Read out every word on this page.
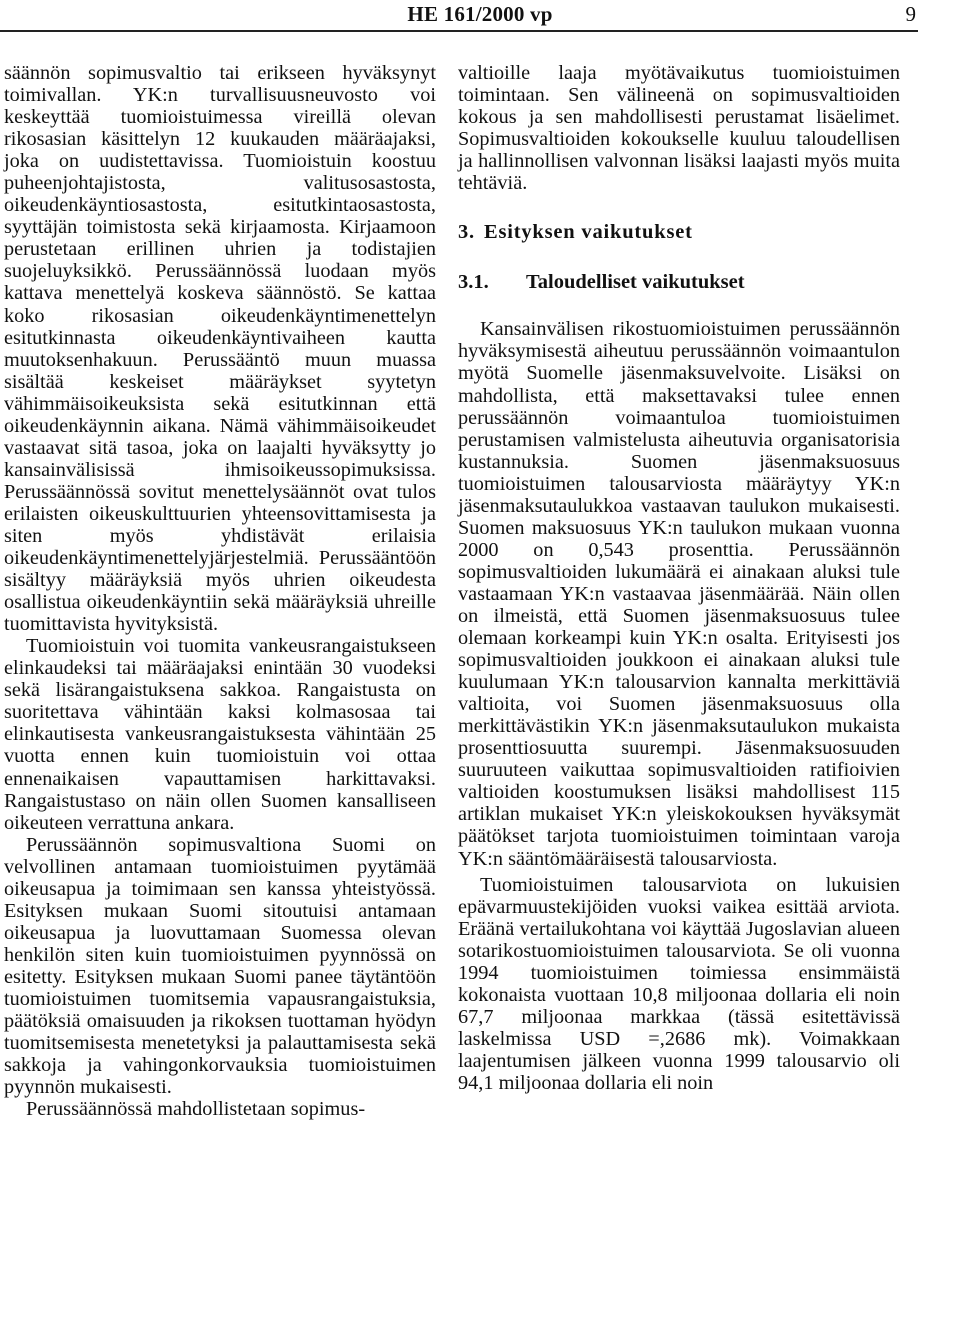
HE 161/2000 vp	9

säännön sopimusvaltio tai erikseen hyväksynyt toimivallan. YK:n turvallisuusneuvosto voi keskeyttää tuomioistuimessa vireillä olevan rikosasian käsittelyn 12 kuukauden määräajaksi, joka on uudistettavissa. Tuomioistuin koostuu puheenjohtajistosta, valitusosastosta, oikeudenkäyntiosastosta, esitutkintaosastosta, syyttäjän toimistosta sekä kirjaamosta. Kirjaamoon perustetaan erillinen uhrien ja todistajien suojeluyksikkö. Perussäännössä luodaan myös kattava menettelyä koskeva säännöstö. Se kattaa koko rikosasian oikeudenkäyntimenettelyn esitutkinnasta oikeudenkäyntivaiheen kautta muutoksenhakuun. Perussääntö muun muassa sisältää keskeiset määräykset syytetyn vähimmäisoikeuksista sekä esitutkinnan että oikeudenkäynnin aikana. Nämä vähimmäisoikeudet vastaavat sitä tasoa, joka on laajalti hyväksytty jo kansainvälisissä ihmisoikeussopimuksissa. Perussäännössä sovitut menettelysäännöt ovat tulos erilaisten oikeuskulttuurien yhteensovittamisesta ja siten myös yhdistävät erilaisia oikeudenkäyntimenettelyjärjestelmiä. Perussääntöön sisältyy määräyksiä myös uhrien oikeudesta osallistua oikeudenkäyntiin sekä määräyksiä uhreille tuomittavista hyvityksistä.

Tuomioistuin voi tuomita vankeusrangaistukseen elinkaudeksi tai määräajaksi enintään 30 vuodeksi sekä lisärangaistuksena sakkoa. Rangaistusta on suoritettava vähintään kaksi kolmasosaa tai elinkautisesta vankeusrangaistuksesta vähintään 25 vuotta ennen kuin tuomioistuin voi ottaa ennenaikaisen vapauttamisen harkittavaksi. Rangaistustaso on näin ollen Suomen kansalliseen oikeuteen verrattuna ankara.

Perussäännön sopimusvaltiona Suomi on velvollinen antamaan tuomioistuimen pyytämää oikeusapua ja toimimaan sen kanssa yhteistyössä. Esityksen mukaan Suomi sitoutuisi antamaan oikeusapua ja luovuttamaan Suomessa olevan henkilön siten kuin tuomioistuimen pyynnössä on esitetty. Esityksen mukaan Suomi panee täytäntöön tuomioistuimen tuomitsemia vapausrangaistuksia, päätöksiä omaisuuden ja rikoksen tuottaman hyödyn tuomitsemisesta menetetyksi ja palauttamisesta sekä sakkoja ja vahingonkorvauksia tuomioistuimen pyynnön mukaisesti.

Perussäännössä mahdollistetaan sopimus-

valtioille laaja myötävaikutus tuomioistuimen toimintaan. Sen välineenä on sopimusvaltioiden kokous ja sen mahdollisesti perustamat lisäelimet. Sopimusvaltioiden kokoukselle kuuluu taloudellisen ja hallinnollisen valvonnan lisäksi laajasti myös muita tehtäviä.

3. Esityksen vaikutukset
3.1. Taloudelliset vaikutukset

Kansainvälisen rikostuomioistuimen perussäännön hyväksymisestä aiheutuu perussäännön voimaantulon myötä Suomelle jäsenmaksuvelvoite. Lisäksi on mahdollista, että maksettavaksi tulee ennen perussäännön voimaantuloa tuomioistuimen perustamisen valmistelusta aiheutuvia organisatorisia kustannuksia. Suomen jäsenmaksuosuus tuomioistuimen talousarviosta määräytyy YK:n jäsenmaksutaulukkoa vastaavan taulukon mukaisesti. Suomen maksuosuus YK:n taulukon mukaan vuonna 2000 on 0,543 prosenttia. Perussäännön sopimusvaltioiden lukumäärä ei ainakaan aluksi tule vastaamaan YK:n vastaavaa jäsenmäärää. Näin ollen on ilmeistä, että Suomen jäsenmaksuosuus tulee olemaan korkeampi kuin YK:n osalta. Erityisesti jos sopimusvaltioiden joukkoon ei ainakaan aluksi tule kuulumaan YK:n talousarvion kannalta merkittäviä valtioita, voi Suomen jäsenmaksuosuus olla merkittävästikin YK:n jäsenmaksutaulukon mukaista prosenttiosuutta suurempi. Jäsenmaksuosuuden suuruuteen vaikuttaa sopimusvaltioiden ratifioivien valtioiden koostumuksen lisäksi mahdollisest 115 artiklan mukaiset YK:n yleiskokouksen hyväksymät päätökset tarjota tuomioistuimen toimintaan varoja YK:n sääntömääräisestä talousarviosta.

Tuomioistuimen talousarviota on lukuisien epävarmuustekijöiden vuoksi vaikea esittää arviota. Eräänä vertailukohtana voi käyttää Jugoslavian alueen sotarikostuomioistuimen talousarviota. Se oli vuonna 1994 tuomioistuimen toimiessa ensimmäistä kokonaista vuottaan 10,8 miljoonaa dollaria eli noin 67,7 miljoonaa markkaa (tässä esitettävissä laskelmissa USD =,2686 mk). Voimakkaan laajentumisen jälkeen vuonna 1999 talousarvio oli 94,1 miljoonaa dollaria eli noin
